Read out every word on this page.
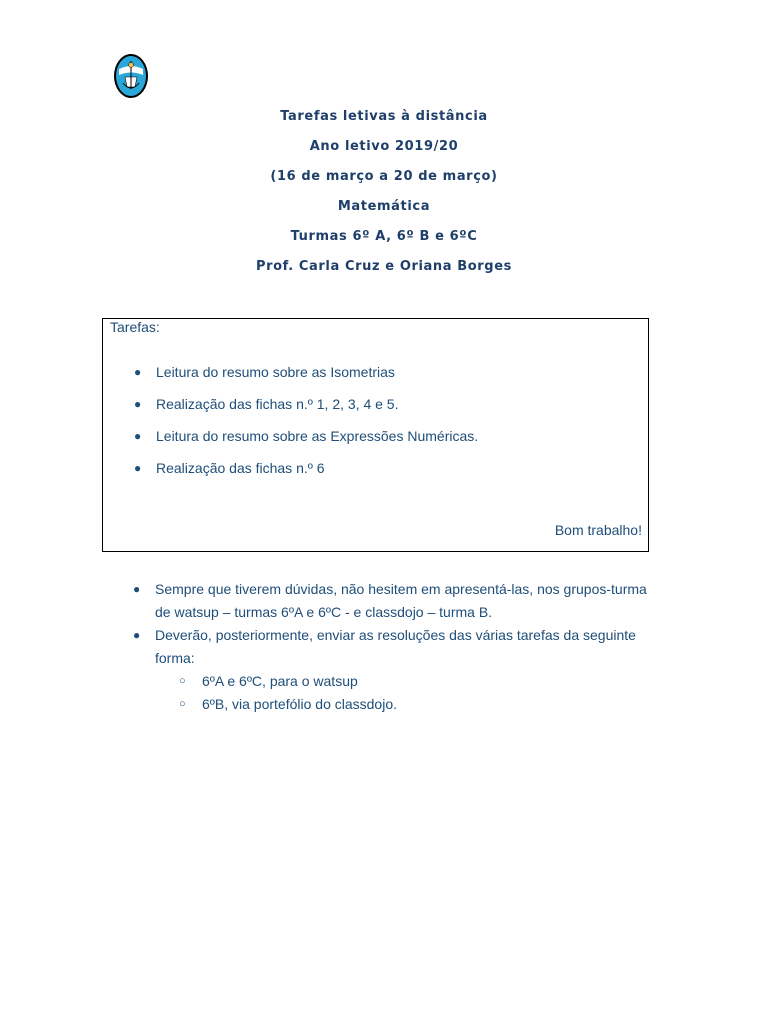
Tarefas letivas à distância
Ano letivo 2019/20
(16 de março a 20 de março)
Matemática
Turmas 6º A, 6º B e 6ºC
Prof. Carla Cruz e Oriana Borges
Tarefas:
● Leitura do resumo sobre as Isometrias
● Realização das fichas n.º 1, 2, 3, 4 e 5.
● Leitura do resumo sobre as Expressões Numéricas.
● Realização das fichas n.º 6
Bom trabalho!
● Sempre que tiverem dúvidas, não hesitem em apresentá-las, nos grupos-turma de watsup – turmas 6ºA e 6ºC - e classdojo – turma B.
● Deverão, posteriormente, enviar as resoluções das várias tarefas da seguinte forma:
○ 6ºA e 6ºC, para o watsup
○ 6ºB, via portefólio do classdojo.
